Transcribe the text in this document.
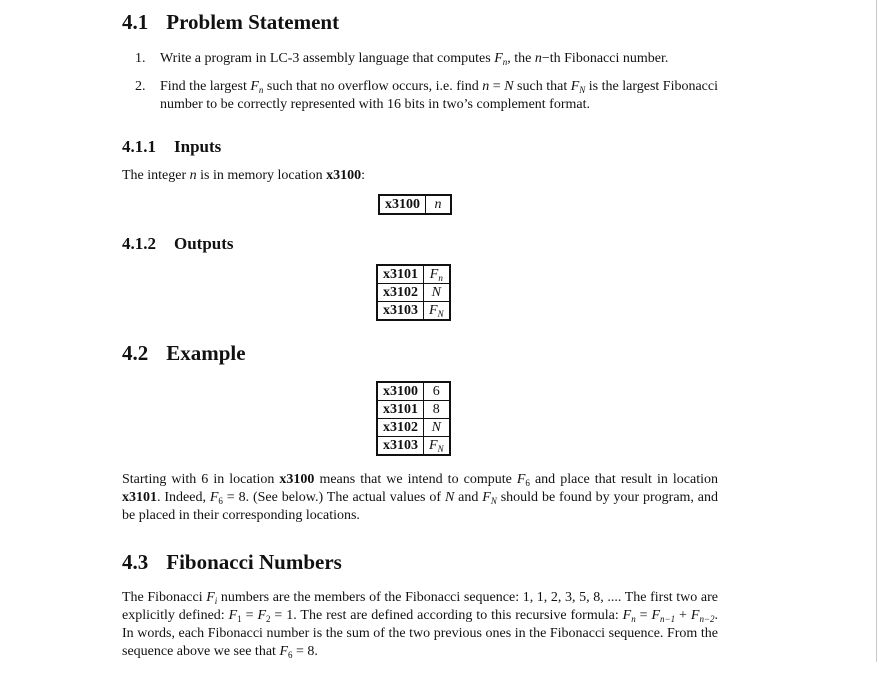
4.1 Problem Statement
1. Write a program in LC-3 assembly language that computes $F_n$, the n−th Fibonacci number.
2. Find the largest $F_n$ such that no overflow occurs, i.e. find n = N such that $F_N$ is the largest Fibonacci number to be correctly represented with 16 bits in two’s complement format.
4.1.1 Inputs

The integer n is in memory location x3100:

x3100	n
4.1.2 Outputs
x3101	$F_n$
x3102	N
x3103	$F_N$
4.2 Example
x3100	6
x3101	8
x3102	N
x3103	$F_N$

Starting with 6 in location x3100 means that we intend to compute $F_6$ and place that result in location x3101. Indeed, $F_6 = 8$. (See below.) The actual values of N and $F_N$ should be found by your program, and be placed in their corresponding locations.

4.3 Fibonacci Numbers

The Fibonacci $F_i$ numbers are the members of the Fibonacci sequence: 1, 1, 2, 3, 5, 8, .... The first two are explicitly defined: $F_1 = F_2 = 1$. The rest are defined according to this recursive formula: $F_n = F_{n-1} + F_{n-2}$. In words, each Fibonacci number is the sum of the two previous ones in the Fibonacci sequence. From the sequence above we see that $F_6 = 8$.
